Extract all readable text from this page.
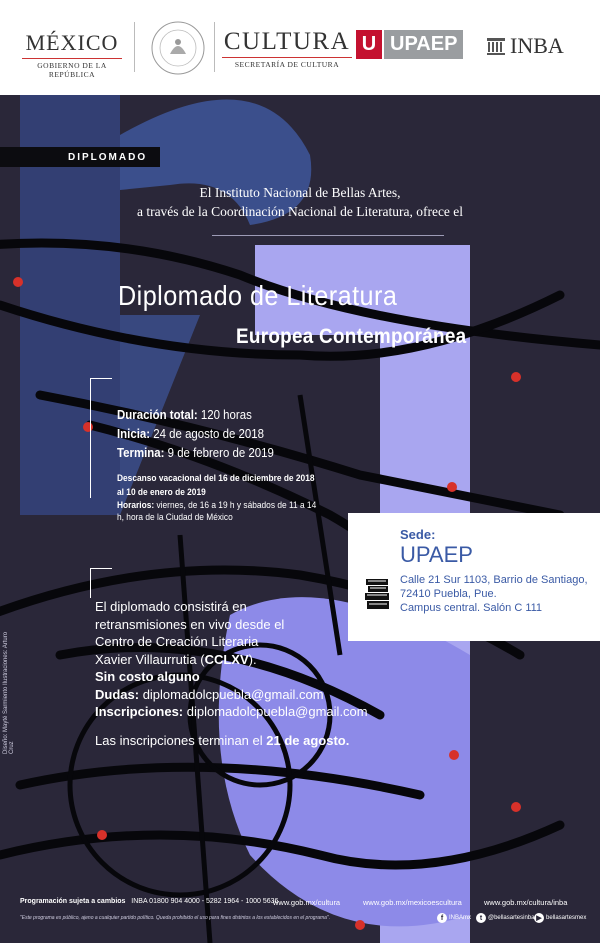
MÉXICO
GOBIERNO DE LA REPÚBLICA
CULTURA
SECRETARÍA DE CULTURA
U UPAEP INBA
DIPLOMADO
El Instituto Nacional de Bellas Artes,
a través de la Coordinación Nacional de Literatura, ofrece el
Diplomado de Literatura
Europea Contemporánea
Duración total: 120 horas
Inicia: 24 de agosto de 2018
Termina: 9 de febrero de 2019
Descanso vacacional del 16 de diciembre de 2018 al 10 de enero de 2019
Horarios: viernes, de 16 a 19 h y sábados de 11 a 14 h, hora de la Ciudad de México
Sede:
UPAEP
Calle 21 Sur 1103, Barrio de Santiago,
72410 Puebla, Pue.
Campus central. Salón C 111
El diplomado consistirá en
retransmisiones en vivo desde el
Centro de Creación Literaria
Xavier Villaurrutia (CCLXV).
Sin costo alguno
Dudas: diplomadolcpuebla@gmail.com
Inscripciones: diplomadolcpuebla@gmail.com
Las inscripciones terminan el 21 de agosto.
Diseño: Mayté Sarmiento Ilustraciones: Arturo Cruz
Programación sujeta a cambios INBA 01800 904 4000 - 5282 1964 - 1000 5636
"Este programa es público, ajeno a cualquier partido político. Queda prohibido el uso para fines distintos a los establecidos en el programa".
www.gob.mx/cultura	www.gob.mx/mexicoescultura	www.gob.mx/cultura/inba
f INBAmx	t @bellasartesinba ▶ bellasartesmex
